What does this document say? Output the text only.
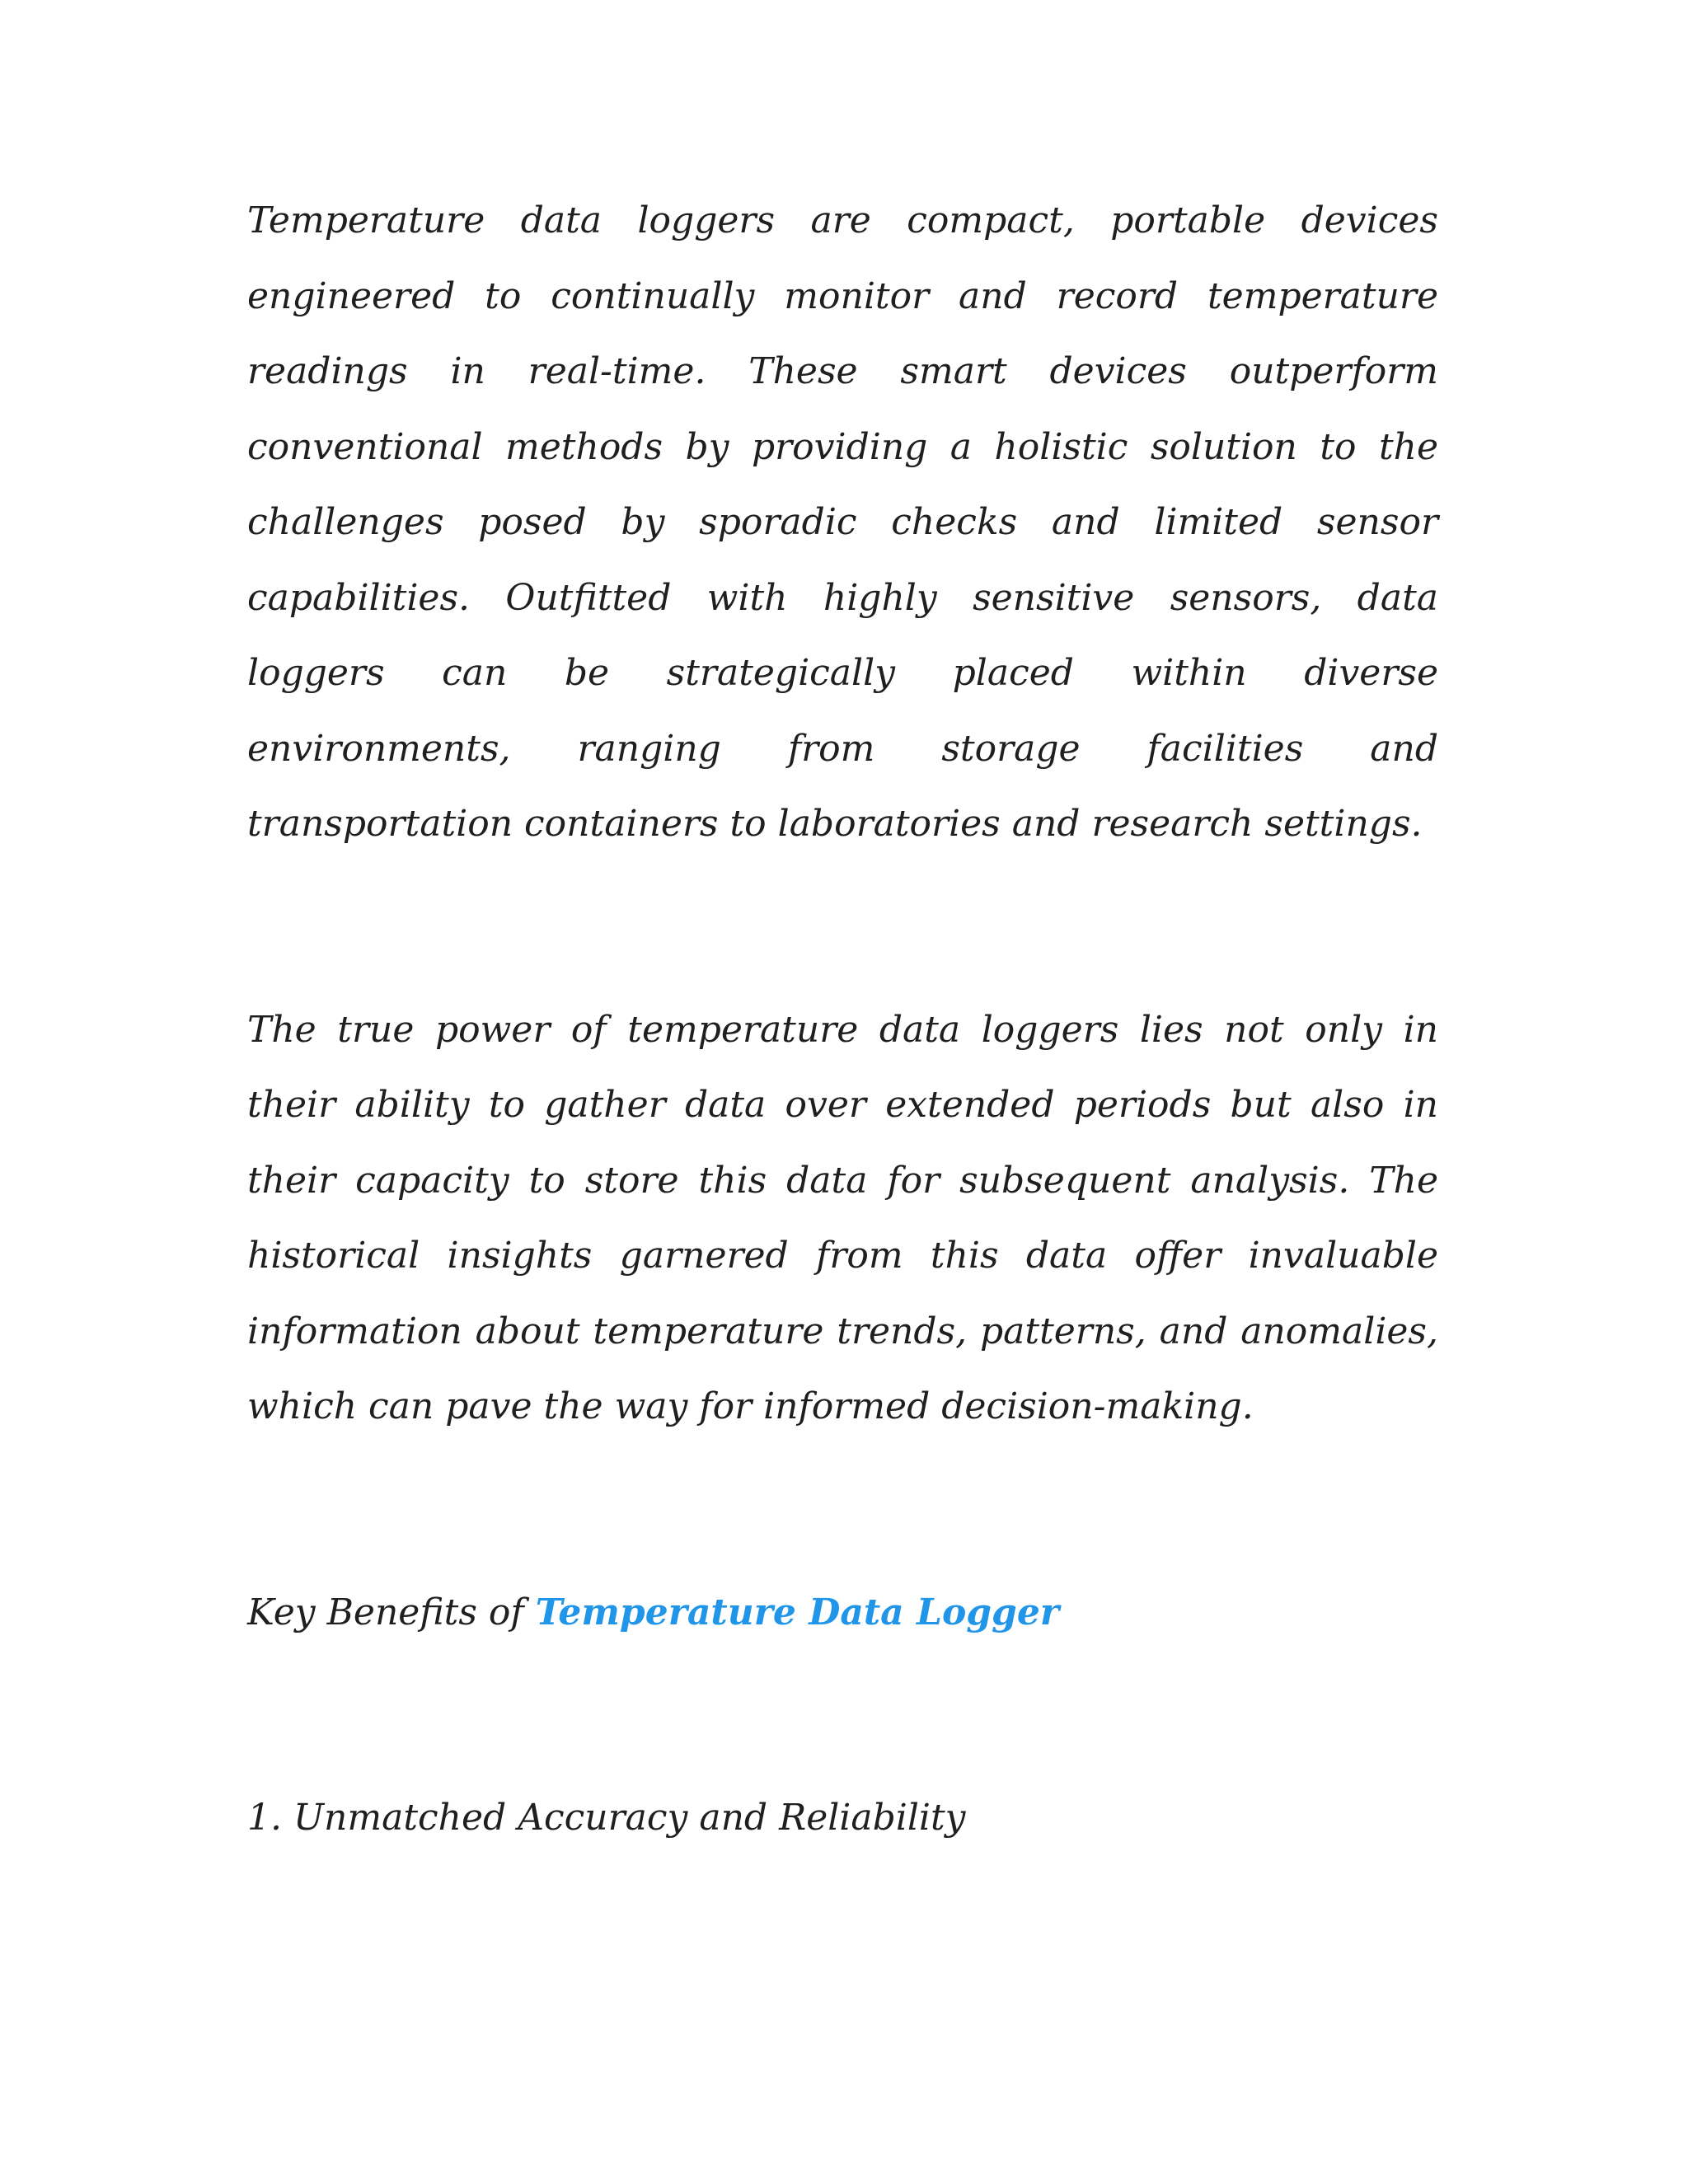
Temperature data loggers are compact, portable devices engineered to continually monitor and record temperature readings in real-time. These smart devices outperform conventional methods by providing a holistic solution to the challenges posed by sporadic checks and limited sensor capabilities. Outfitted with highly sensitive sensors, data loggers can be strategically placed within diverse environments, ranging from storage facilities and transportation containers to laboratories and research settings.

The true power of temperature data loggers lies not only in their ability to gather data over extended periods but also in their capacity to store this data for subsequent analysis. The historical insights garnered from this data offer invaluable information about temperature trends, patterns, and anomalies, which can pave the way for informed decision-making.

Key Benefits of Temperature Data Logger

1. Unmatched Accuracy and Reliability
